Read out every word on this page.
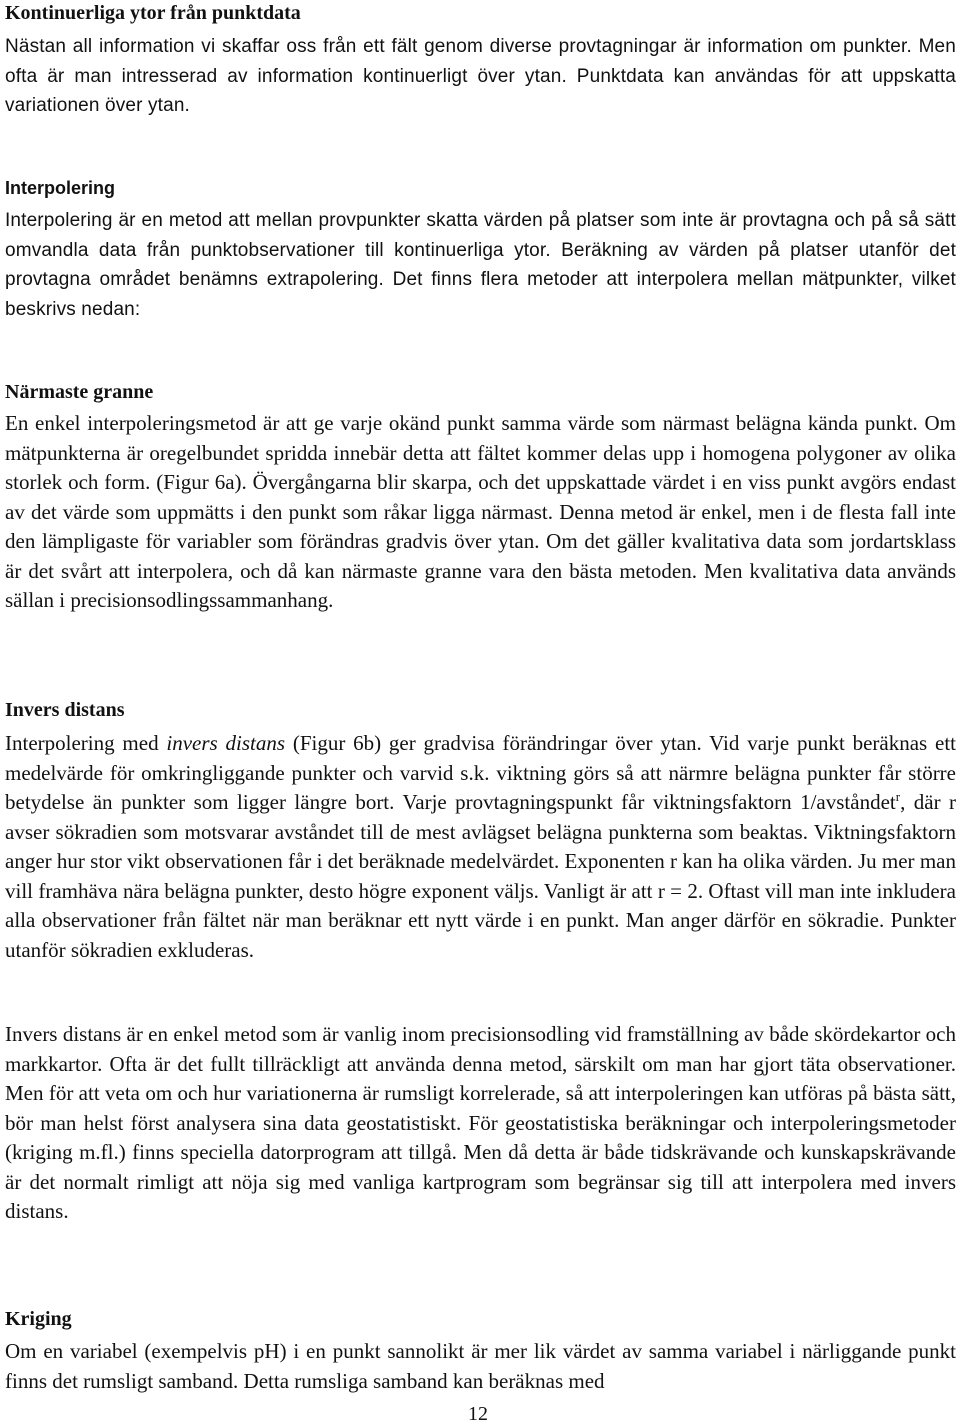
Kontinuerliga ytor från punktdata

Nästan all information vi skaffar oss från ett fält genom diverse provtagningar är information om punkter. Men ofta är man intresserad av information kontinuerligt över ytan. Punktdata kan användas för att uppskatta variationen över ytan.

Interpolering

Interpolering är en metod att mellan provpunkter skatta värden på platser som inte är provtagna och på så sätt omvandla data från punktobservationer till kontinuerliga ytor. Beräkning av värden på platser utanför det provtagna området benämns extrapolering. Det finns flera metoder att interpolera mellan mätpunkter, vilket beskrivs nedan:

Närmaste granne

En enkel interpoleringsmetod är att ge varje okänd punkt samma värde som närmast belägna kända punkt. Om mätpunkterna är oregelbundet spridda innebär detta att fältet kommer delas upp i homogena polygoner av olika storlek och form. (Figur 6a). Övergångarna blir skarpa, och det uppskattade värdet i en viss punkt avgörs endast av det värde som uppmätts i den punkt som råkar ligga närmast. Denna metod är enkel, men i de flesta fall inte den lämpligaste för variabler som förändras gradvis över ytan. Om det gäller kvalitativa data som jordartsklass är det svårt att interpolera, och då kan närmaste granne vara den bästa metoden. Men kvalitativa data används sällan i precisionsodlingssammanhang.

Invers distans

Interpolering med invers distans (Figur 6b) ger gradvisa förändringar över ytan. Vid varje punkt beräknas ett medelvärde för omkringliggande punkter och varvid s.k. viktning görs så att närmre belägna punkter får större betydelse än punkter som ligger längre bort. Varje provtagningspunkt får viktningsfaktorn 1/avståndet$^r$, där r avser sökradien som motsvarar avståndet till de mest avlägset belägna punkterna som beaktas. Viktningsfaktorn anger hur stor vikt observationen får i det beräknade medelvärdet. Exponenten r kan ha olika värden. Ju mer man vill framhäva nära belägna punkter, desto högre exponent väljs. Vanligt är att r = 2. Oftast vill man inte inkludera alla observationer från fältet när man beräknar ett nytt värde i en punkt. Man anger därför en sökradie. Punkter utanför sökradien exkluderas.

Invers distans är en enkel metod som är vanlig inom precisionsodling vid framställning av både skördekartor och markkartor. Ofta är det fullt tillräckligt att använda denna metod, särskilt om man har gjort täta observationer. Men för att veta om och hur variationerna är rumsligt korrelerade, så att interpoleringen kan utföras på bästa sätt, bör man helst först analysera sina data geostatistiskt. För geostatistiska beräkningar och interpoleringsmetoder (kriging m.fl.) finns speciella datorprogram att tillgå. Men då detta är både tidskrävande och kunskapskrävande är det normalt rimligt att nöja sig med vanliga kartprogram som begränsar sig till att interpolera med invers distans.

Kriging

Om en variabel (exempelvis pH) i en punkt sannolikt är mer lik värdet av samma variabel i närliggande punkt finns det rumsligt samband. Detta rumsliga samband kan beräknas med

12
